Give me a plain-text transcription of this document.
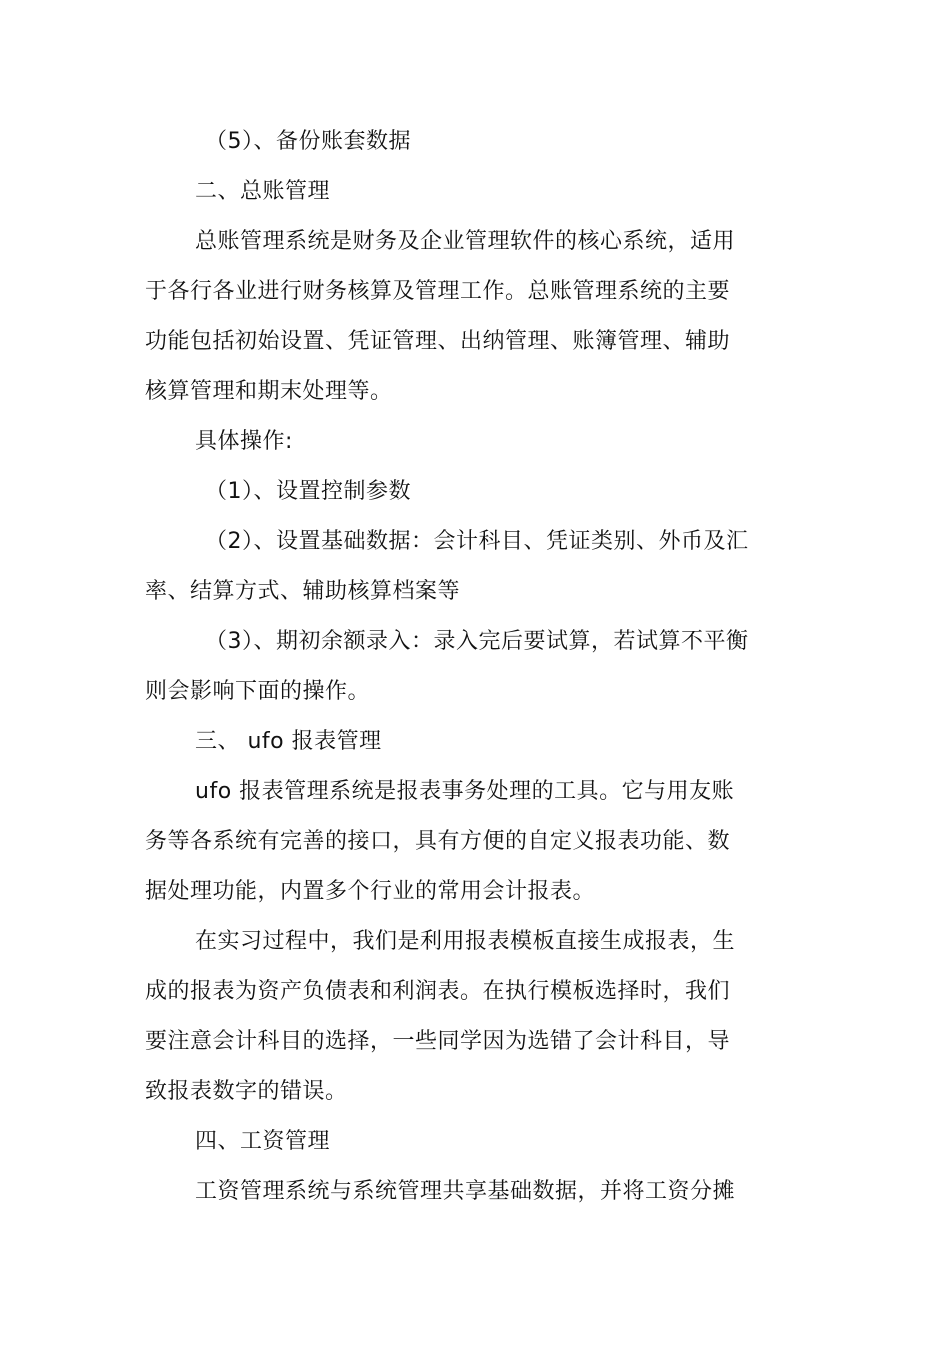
（5）、备份账套数据
二、总账管理
总账管理系统是财务及企业管理软件的核心系统，适用
于各行各业进行财务核算及管理工作。总账管理系统的主要
功能包括初始设置、凭证管理、出纳管理、账簿管理、辅助
核算管理和期末处理等。
具体操作:
（1）、设置控制参数
（2）、设置基础数据：会计科目、凭证类别、外币及汇
率、结算方式、辅助核算档案等
（3）、期初余额录入：录入完后要试算，若试算不平衡
则会影响下面的操作。
三、 ufo 报表管理
ufo 报表管理系统是报表事务处理的工具。它与用友账
务等各系统有完善的接口，具有方便的自定义报表功能、数
据处理功能，内置多个行业的常用会计报表。
在实习过程中，我们是利用报表模板直接生成报表，生
成的报表为资产负债表和利润表。在执行模板选择时，我们
要注意会计科目的选择，一些同学因为选错了会计科目，导
致报表数字的错误。
四、工资管理
工资管理系统与系统管理共享基础数据，并将工资分摊
